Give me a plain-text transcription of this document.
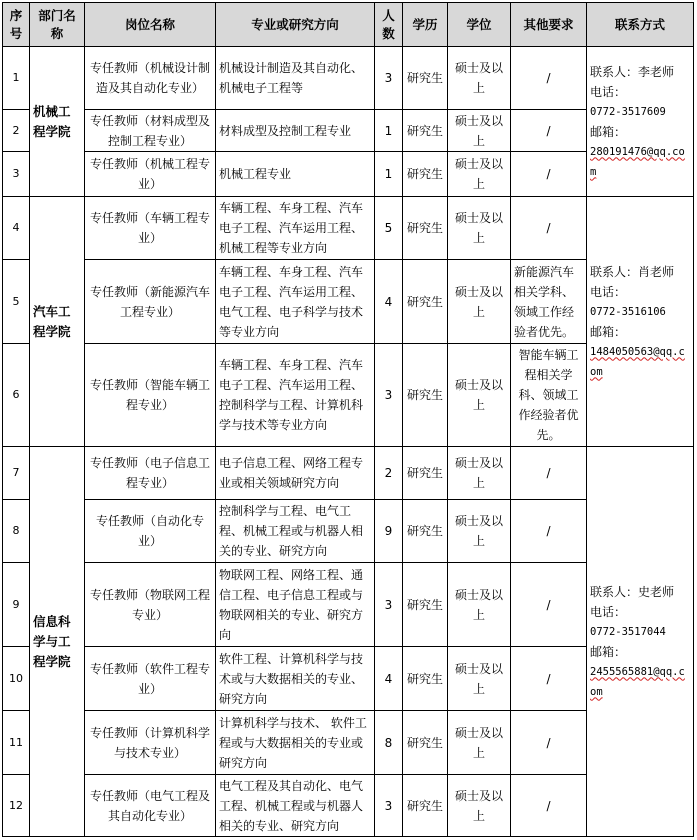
序号	部门名称	岗位名称	专业或研究方向	人数	学历	学位	其他要求	联系方式
1	机械工程学院	专任教师（机械设计制造及其自动化专业）	机械设计制造及其自动化、机械电子工程等	3	研究生	硕士及以上	/	联系人：李老师
电话：
0772-3517609
邮箱：
280191476@qq.com

2		专任教师（材料成型及控制工程专业）	材料成型及控制工程专业	1	研究生	硕士及以上	/	
3		专任教师（机械工程专业）	机械工程专业	1	研究生	硕士及以上	/	
4	汽车工程学院	专任教师（车辆工程专业）	车辆工程、车身工程、汽车电子工程、汽车运用工程、机械工程等专业方向	5	研究生	硕士及以上	/	联系人：肖老师
电话：
0772-3516106
邮箱：
1484050563@qq.com

5		专任教师（新能源汽车工程专业）	车辆工程、车身工程、汽车电子工程、汽车运用工程、电气工程、电子科学与技术等专业方向	4	研究生	硕士及以上	新能源汽车相关学科、领域工作经验者优先。	
6		专任教师（智能车辆工程专业）	车辆工程、车身工程、汽车电子工程、汽车运用工程、控制科学与工程、计算机科学与技术等专业方向	3	研究生	硕士及以上	智能车辆工程相关学科、领域工作经验者优先。	
7	信息科学与工程学院	专任教师（电子信息工程专业）	电子信息工程、网络工程专业或相关领域研究方向	2	研究生	硕士及以上	/	联系人：史老师
电话：
0772-3517044
邮箱：
2455565881@qq.com

8		专任教师（自动化专业）	控制科学与工程、电气工程、机械工程或与机器人相关的专业、研究方向	9	研究生	硕士及以上	/	
9		专任教师（物联网工程专业）	物联网工程、网络工程、通信工程、电子信息工程或与物联网相关的专业、研究方向	3	研究生	硕士及以上	/	
10		专任教师（软件工程专业）	软件工程、计算机科学与技术或与大数据相关的专业、研究方向	4	研究生	硕士及以上	/	
11		专任教师（计算机科学与技术专业）	计算机科学与技术、 软件工程或与大数据相关的专业或研究方向	8	研究生	硕士及以上	/	
12		专任教师（电气工程及其自动化专业）	电气工程及其自动化、电气工程、机械工程或与机器人相关的专业、研究方向	3	研究生	硕士及以上	/	
